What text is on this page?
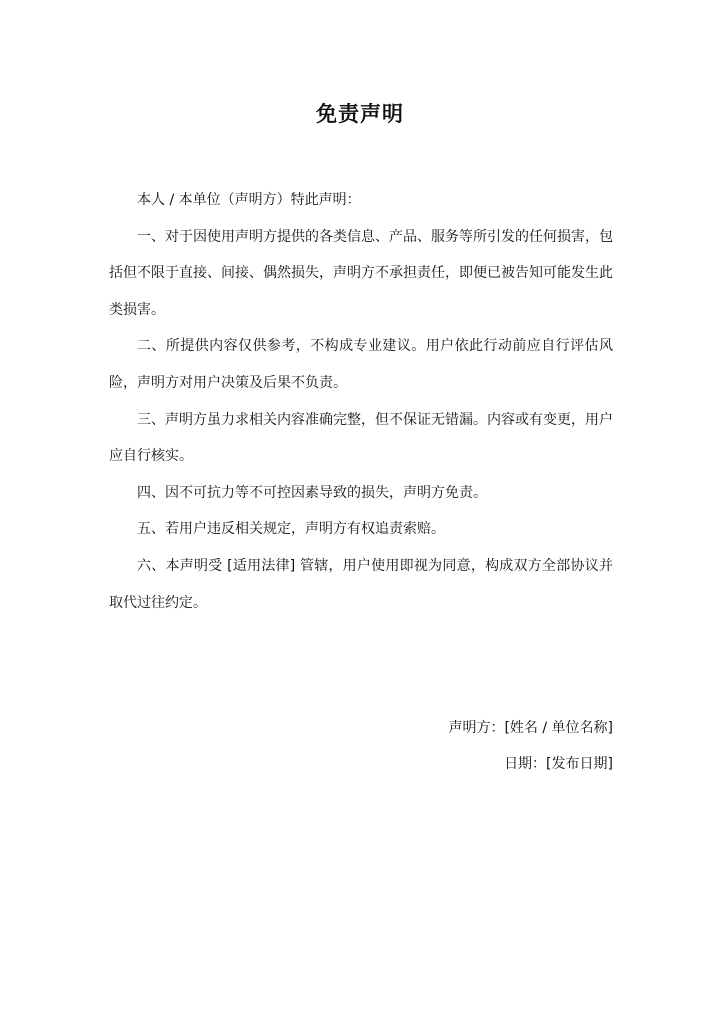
免责声明

本人 / 本单位（声明方）特此声明：

一、对于因使用声明方提供的各类信息、产品、服务等所引发的任何损害，包括但不限于直接、间接、偶然损失，声明方不承担责任，即便已被告知可能发生此类损害。

二、所提供内容仅供参考，不构成专业建议。用户依此行动前应自行评估风险，声明方对用户决策及后果不负责。

三、声明方虽力求相关内容准确完整，但不保证无错漏。内容或有变更，用户应自行核实。

四、因不可抗力等不可控因素导致的损失，声明方免责。

五、若用户违反相关规定，声明方有权追责索赔。

六、本声明受 [适用法律] 管辖，用户使用即视为同意，构成双方全部协议并取代过往约定。

声明方：[姓名 / 单位名称]
日期：[发布日期]
